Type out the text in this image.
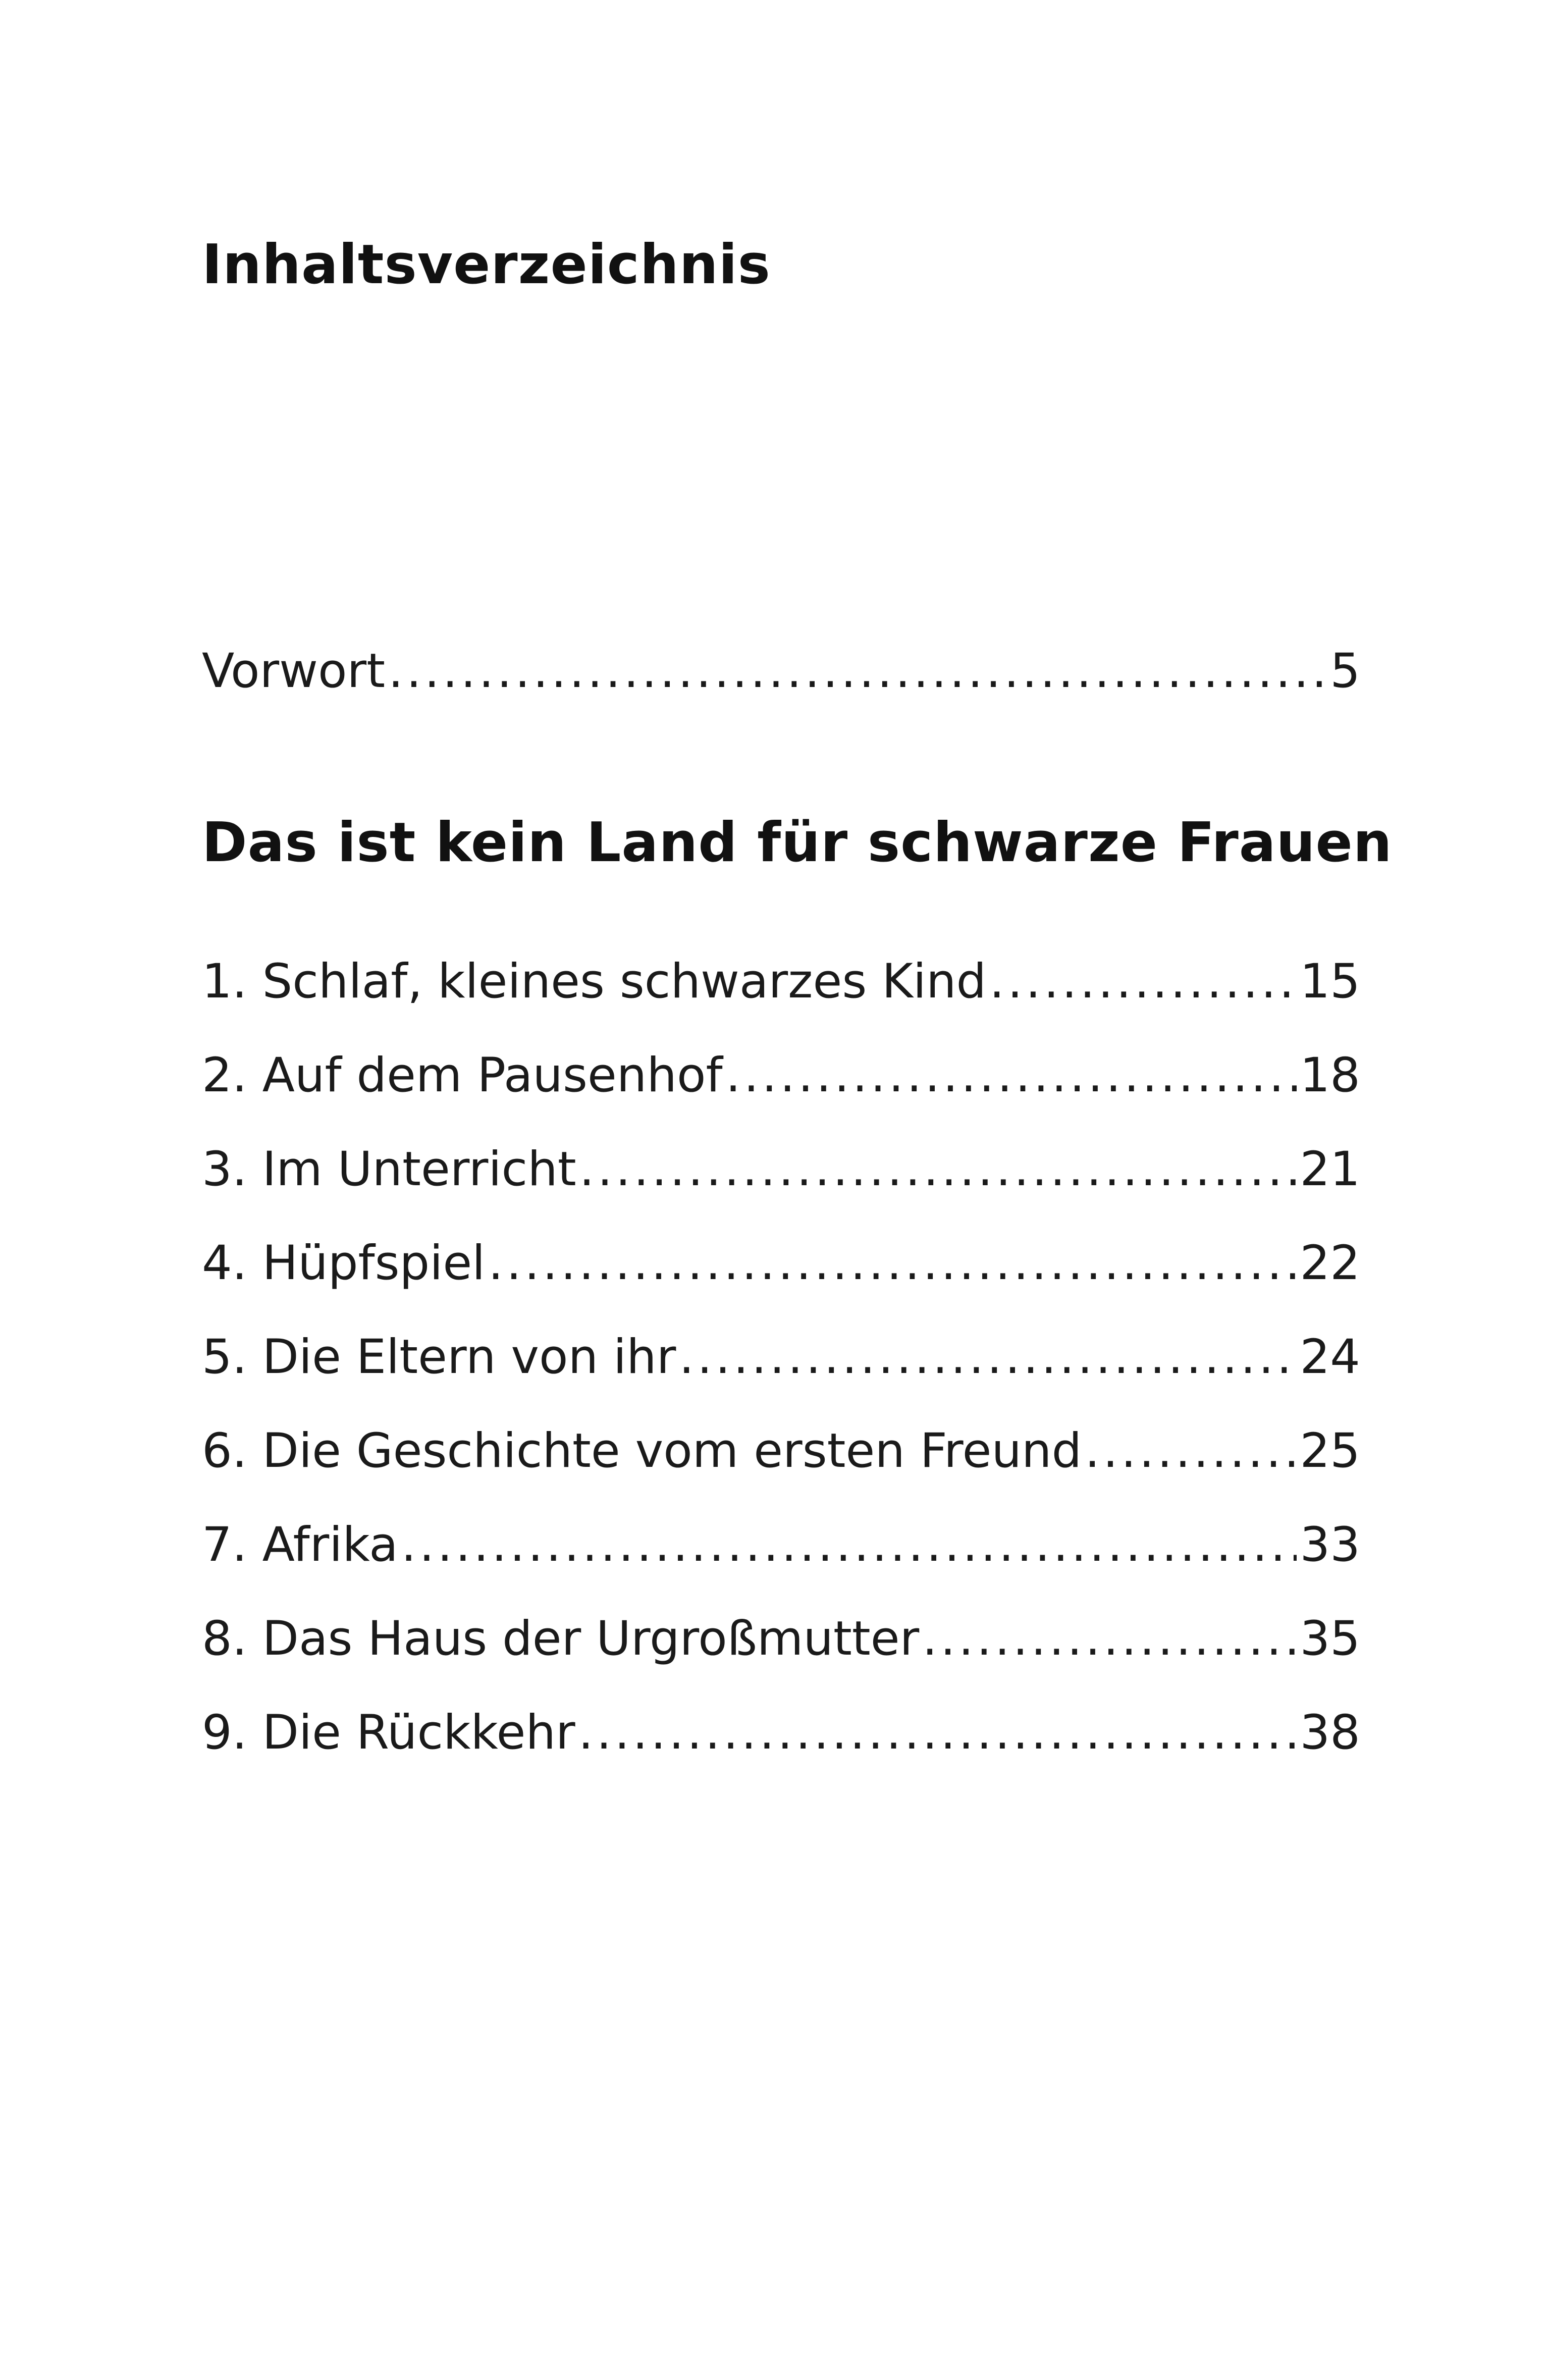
Inhaltsverzeichnis
Vorwort .....	5
Das ist kein Land für schwarze Frauen
1. Schlaf, kleines schwarzes Kind .....	15
2. Auf dem Pausenhof .....	18
3. Im Unterricht .....	21
4. Hüpfspiel .....	22
5. Die Eltern von ihr .....	24
6. Die Geschichte vom ersten Freund .....	25
7. Afrika .....	33
8. Das Haus der Urgroßmutter .....	35
9. Die Rückkehr .....	38
